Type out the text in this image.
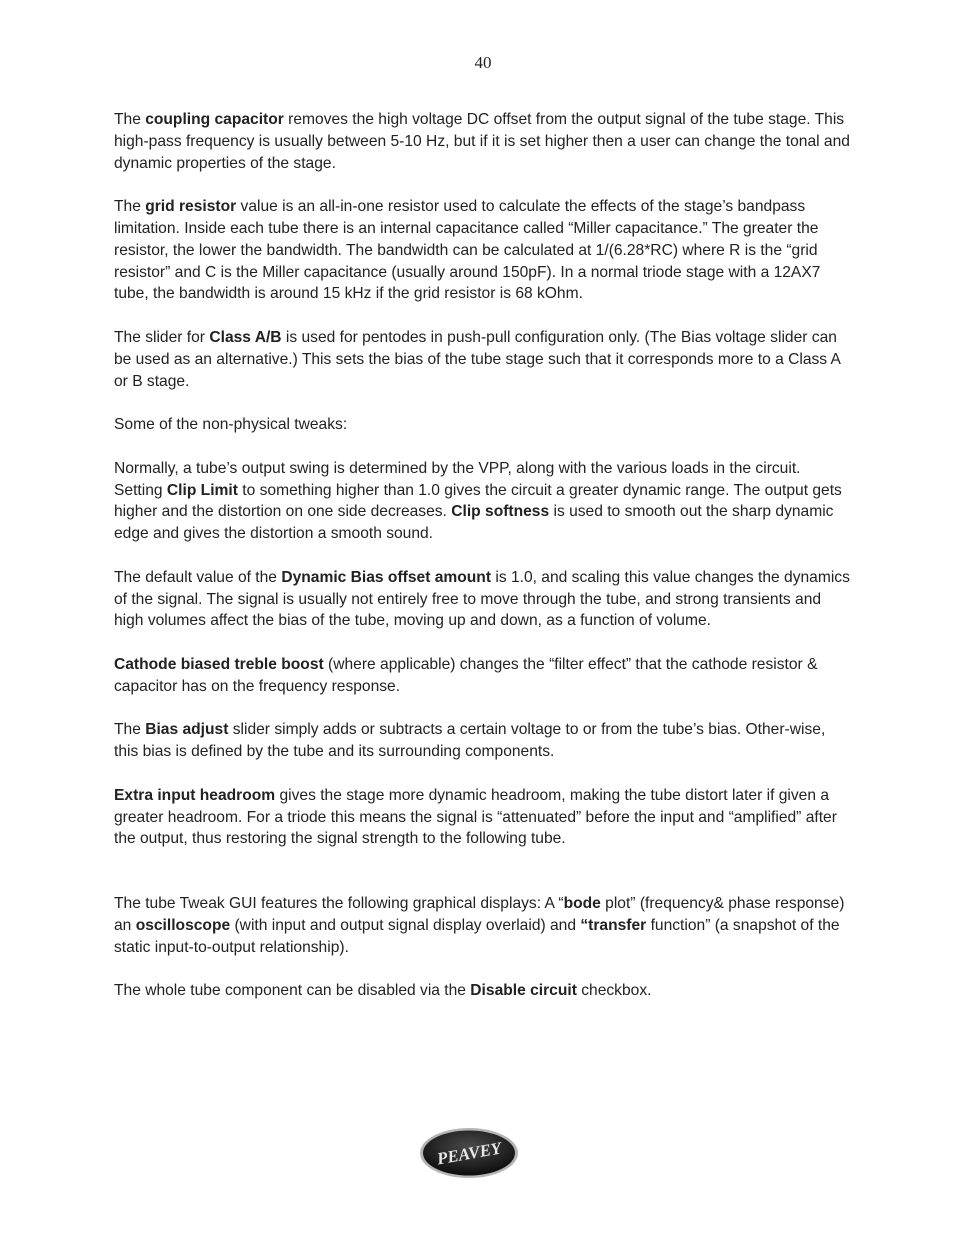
40

The coupling capacitor removes the high voltage DC offset from the output signal of the tube stage. This high-pass frequency is usually between 5-10 Hz, but if it is set higher then a user can change the tonal and dynamic properties of the stage.

The grid resistor value is an all-in-one resistor used to calculate the effects of the stage’s bandpass limitation. Inside each tube there is an internal capacitance called “Miller capacitance.” The greater the resistor, the lower the bandwidth. The bandwidth can be calculated at 1/(6.28*RC) where R is the “grid resistor” and C is the Miller capacitance (usually around 150pF). In a normal triode stage with a 12AX7 tube, the bandwidth is around 15 kHz if the grid resistor is 68 kOhm.

The slider for Class A/B is used for pentodes in push-pull configuration only. (The Bias voltage slider can be used as an alternative.) This sets the bias of the tube stage such that it corresponds more to a Class A or B stage.

Some of the non-physical tweaks:

Normally, a tube’s output swing is determined by the VPP, along with the various loads in the circuit. Setting Clip Limit to something higher than 1.0 gives the circuit a greater dynamic range. The output gets higher and the distortion on one side decreases. Clip softness is used to smooth out the sharp dynamic edge and gives the distortion a smooth sound.

The default value of the Dynamic Bias offset amount is 1.0, and scaling this value changes the dynamics of the signal. The signal is usually not entirely free to move through the tube, and strong transients and high volumes affect the bias of the tube, moving up and down, as a function of volume.

Cathode biased treble boost (where applicable) changes the “filter effect” that the cathode resistor & capacitor has on the frequency response.

The Bias adjust slider simply adds or subtracts a certain voltage to or from the tube’s bias. Other-wise, this bias is defined by the tube and its surrounding components.

Extra input headroom gives the stage more dynamic headroom, making the tube distort later if given a greater headroom. For a triode this means the signal is “attenuated” before the input and “amplified” after the output, thus restoring the signal strength to the following tube.

The tube Tweak GUI features the following graphical displays: A “bode plot” (frequency& phase response) an oscilloscope (with input and output signal display overlaid) and “transfer function” (a snapshot of the static input-to-output relationship).

The whole tube component can be disabled via the Disable circuit checkbox.

PEAVEY
